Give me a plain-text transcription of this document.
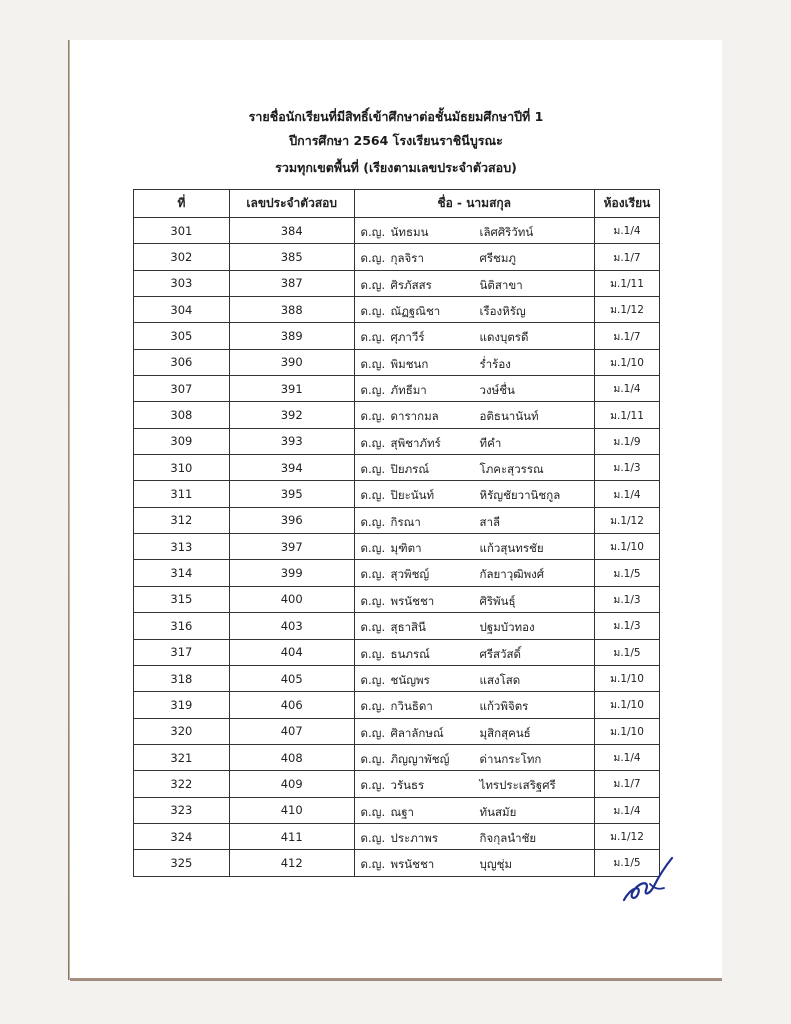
รายชื่อนักเรียนที่มีสิทธิ์เข้าศึกษาต่อชั้นมัธยมศึกษาปีที่ 1
ปีการศึกษา 2564 โรงเรียนราชินีบูรณะ
รวมทุกเขตพื้นที่ (เรียงตามเลขประจำตัวสอบ)
ที่	เลขประจำตัวสอบ	ชื่อ - นามสกุล	ห้องเรียน
301	384	ด.ญ. นัทธมน เลิศศิริวัทน์	ม.1/4
302	385	ด.ญ. กุลจิรา ศรีชมภู	ม.1/7
303	387	ด.ญ. ศิรภัสสร นิติสาขา	ม.1/11
304	388	ด.ญ. ณัฏฐณิชา เรืองหิรัญ	ม.1/12
305	389	ด.ญ. ศุภาวีร์ แดงบุตรดี	ม.1/7
306	390	ด.ญ. พิมชนก ร่ำร้อง	ม.1/10
307	391	ด.ญ. ภัทธีมา วงษ์ชื่น	ม.1/4
308	392	ด.ญ. ดารากมล อติธนานันท์	ม.1/11
309	393	ด.ญ. สุพิชาภัทร์ ทีคำ	ม.1/9
310	394	ด.ญ. ปิยภรณ์ โภคะสุวรรณ	ม.1/3
311	395	ด.ญ. ปิยะนันท์ หิรัญชัยวานิชกูล	ม.1/4
312	396	ด.ญ. กิรณา สาลี	ม.1/12
313	397	ด.ญ. มุฑิตา แก้วสุนทรชัย	ม.1/10
314	399	ด.ญ. สุวพิชญ์ กัลยาวุฒิพงศ์	ม.1/5
315	400	ด.ญ. พรนัชชา ศิริพันธุ์	ม.1/3
316	403	ด.ญ. สุธาสินี ปฐมบัวทอง	ม.1/3
317	404	ด.ญ. ธนภรณ์ ศรีสวัสดิ์	ม.1/5
318	405	ด.ญ. ชนัญพร แสงโสด	ม.1/10
319	406	ด.ญ. กวินธิดา แก้วพิจิตร	ม.1/10
320	407	ด.ญ. ศิลาลักษณ์ มุสิกสุคนธ์	ม.1/10
321	408	ด.ญ. ภิญญาพัชญ์ ด่านกระโทก	ม.1/4
322	409	ด.ญ. วรันธร ไทรประเสริฐศรี	ม.1/7
323	410	ด.ญ. ณฐา ทันสมัย	ม.1/4
324	411	ด.ญ. ประภาพร กิจกุลนำชัย	ม.1/12
325	412	ด.ญ. พรนัชชา บุญชุ่ม	ม.1/5
